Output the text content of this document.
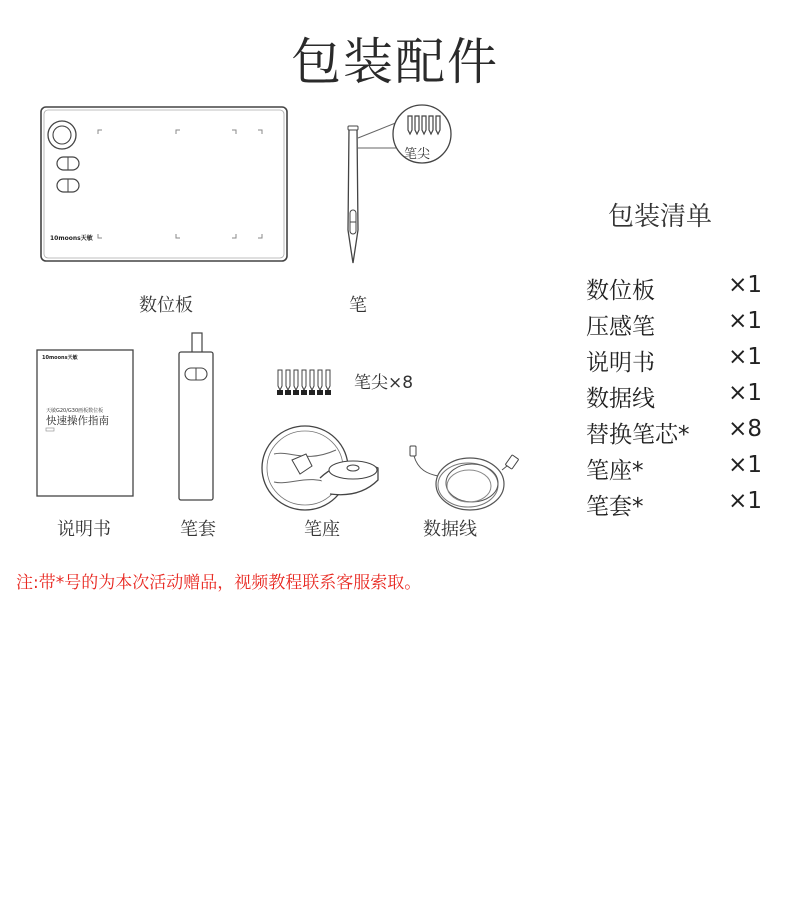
包装配件
10moons天敏
笔尖
数位板	笔
10moons天敏
天敏G20/G30画板数位板
快速操作指南
笔尖×8
说明书	笔套	笔座	数据线
包装清单
数位板	×1
压感笔	×1
说明书	×1
数据线	×1
替换笔芯* ×8
笔座*	×1
笔套*	×1
注:带*号的为本次活动赠品，视频教程联系客服索取。
